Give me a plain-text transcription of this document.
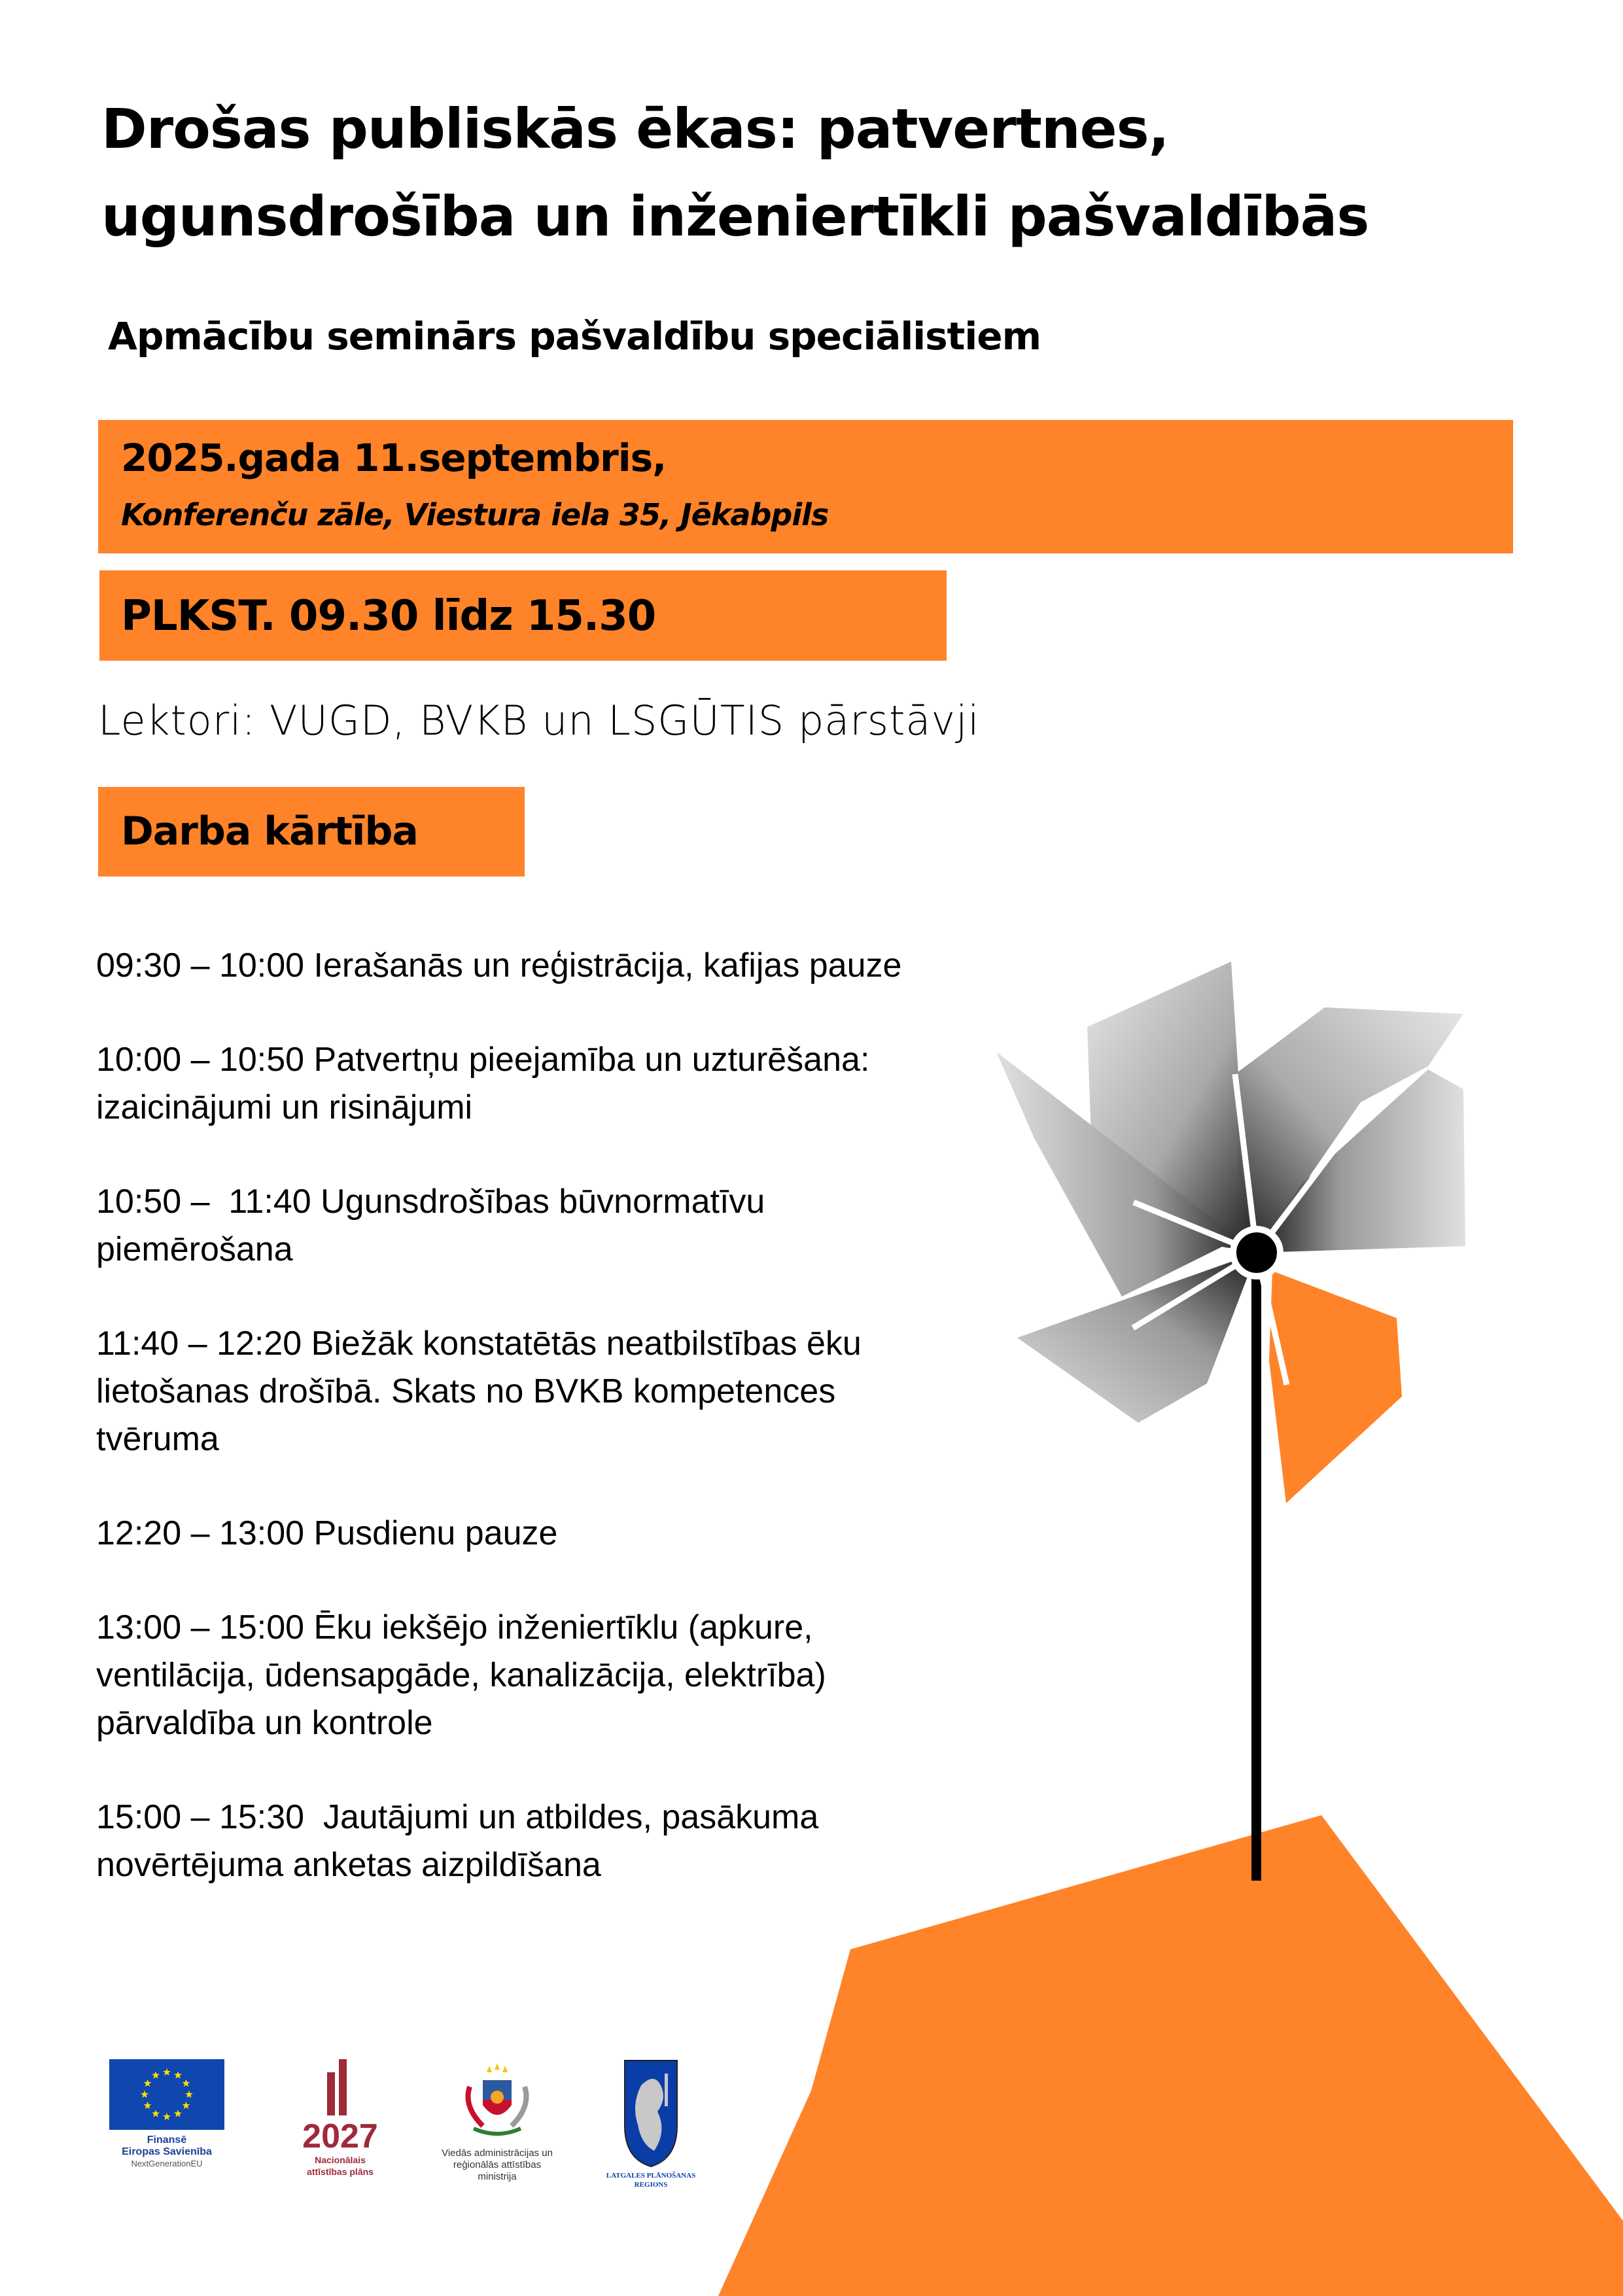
Drošas publiskās ēkas: patvertnes,
ugunsdrošība un inženiertīkli pašvaldībās
Apmācību seminārs pašvaldību speciālistiem
2025.gada 11.septembris,
Konferenču zāle, Viestura iela 35, Jēkabpils
PLKST. 09.30 līdz 15.30
Lektori: VUGD, BVKB un LSGŪTIS pārstāvji
Darba kārtība
09:30 – 10:00 Ierašanās un reģistrācija, kafijas pauze
10:00 – 10:50 Patvertņu pieejamība un uzturēšana:
izaicinājumi un risinājumi
10:50 –  11:40 Ugunsdrošības būvnormatīvu
piemērošana
11:40 – 12:20 Biežāk konstatētās neatbilstības ēku
lietošanas drošībā. Skats no BVKB kompetences
tvēruma
12:20 – 13:00 Pusdienu pauze
13:00 – 15:00 Ēku iekšējo inženiertīklu (apkure,
ventilācija, ūdensapgāde, kanalizācija, elektrība)
pārvaldība un kontrole
15:00 – 15:30  Jautājumi un atbildes, pasākuma
novērtējuma anketas aizpildīšana
Finansē
Eiropas Savienība
NextGenerationEU
2027
Nacionālais
attīstības plāns
Viedās administrācijas un
reģionālās attīstības
ministrija	LATGALES PLĀNOŠANAS
REGIONS
